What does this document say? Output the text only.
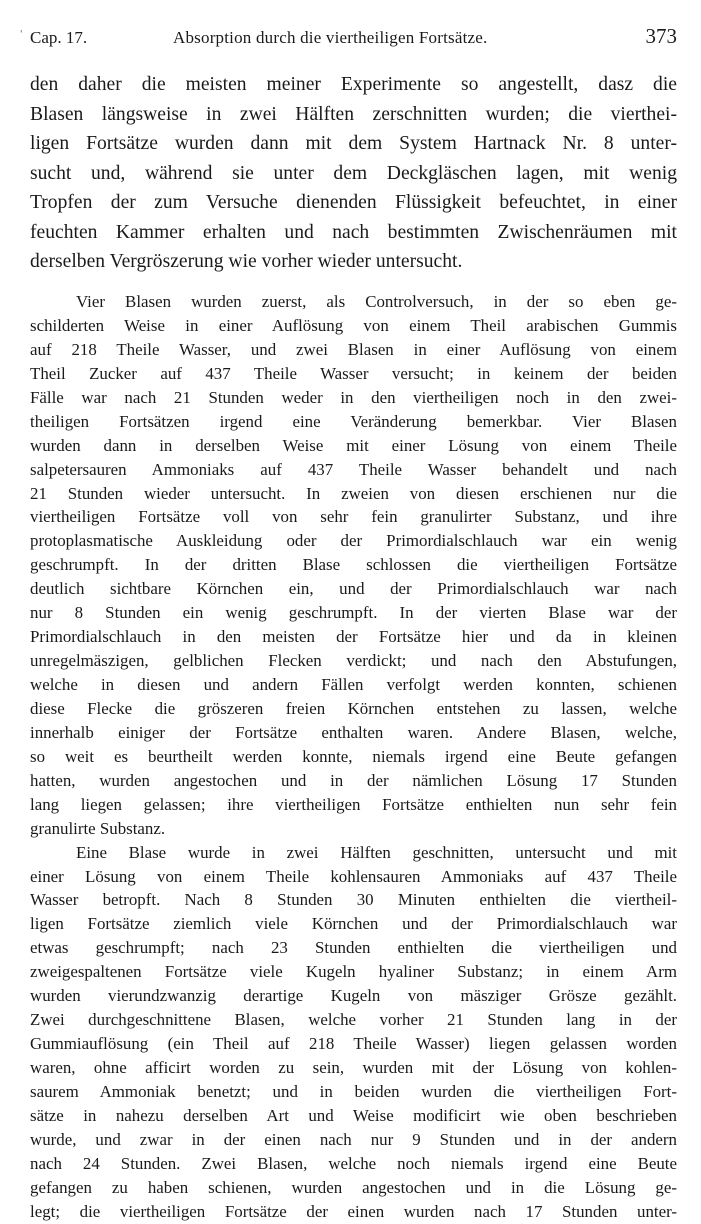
' Cap. 17.	Absorption durch die viertheiligen Fortsätze.	373
den daher die meisten meiner Experimente so angestellt, dasz die
Blasen längsweise in zwei Hälften zerschnitten wurden; die vierthei-
ligen Fortsätze wurden dann mit dem System Hartnack Nr. 8 unter-
sucht und, während sie unter dem Deckgläschen lagen, mit wenig
Tropfen der zum Versuche dienenden Flüssigkeit befeuchtet, in einer
feuchten Kammer erhalten und nach bestimmten Zwischenräumen mit
derselben Vergröszerung wie vorher wieder untersucht.
Vier Blasen wurden zuerst, als Controlversuch, in der so eben ge-
schilderten Weise in einer Auflösung von einem Theil arabischen Gummis
auf 218 Theile Wasser, und zwei Blasen in einer Auflösung von einem
Theil Zucker auf 437 Theile Wasser versucht; in keinem der beiden
Fälle war nach 21 Stunden weder in den viertheiligen noch in den zwei-
theiligen Fortsätzen irgend eine Veränderung bemerkbar. Vier Blasen
wurden dann in derselben Weise mit einer Lösung von einem Theile
salpetersauren Ammoniaks auf 437 Theile Wasser behandelt und nach
21 Stunden wieder untersucht. In zweien von diesen erschienen nur die
viertheiligen Fortsätze voll von sehr fein granulirter Substanz, und ihre
protoplasmatische Auskleidung oder der Primordialschlauch war ein wenig
geschrumpft. In der dritten Blase schlossen die viertheiligen Fortsätze
deutlich sichtbare Körnchen ein, und der Primordialschlauch war nach
nur 8 Stunden ein wenig geschrumpft. In der vierten Blase war der
Primordialschlauch in den meisten der Fortsätze hier und da in kleinen
unregelmäszigen, gelblichen Flecken verdickt; und nach den Abstufungen,
welche in diesen und andern Fällen verfolgt werden konnten, schienen
diese Flecke die gröszeren freien Körnchen entstehen zu lassen, welche
innerhalb einiger der Fortsätze enthalten waren. Andere Blasen, welche,
so weit es beurtheilt werden konnte, niemals irgend eine Beute gefangen
hatten, wurden angestochen und in der nämlichen Lösung 17 Stunden
lang liegen gelassen; ihre viertheiligen Fortsätze enthielten nun sehr fein
granulirte Substanz.
Eine Blase wurde in zwei Hälften geschnitten, untersucht und mit
einer Lösung von einem Theile kohlensauren Ammoniaks auf 437 Theile
Wasser betropft. Nach 8 Stunden 30 Minuten enthielten die viertheil-
ligen Fortsätze ziemlich viele Körnchen und der Primordialschlauch war
etwas geschrumpft; nach 23 Stunden enthielten die viertheiligen und
zweigespaltenen Fortsätze viele Kugeln hyaliner Substanz; in einem Arm
wurden vierundzwanzig derartige Kugeln von mäsziger Grösze gezählt.
Zwei durchgeschnittene Blasen, welche vorher 21 Stunden lang in der
Gummiauflösung (ein Theil auf 218 Theile Wasser) liegen gelassen worden
waren, ohne afficirt worden zu sein, wurden mit der Lösung von kohlen-
saurem Ammoniak benetzt; und in beiden wurden die viertheiligen Fort-
sätze in nahezu derselben Art und Weise modificirt wie oben beschrieben
wurde, und zwar in der einen nach nur 9 Stunden und in der andern
nach 24 Stunden. Zwei Blasen, welche noch niemals irgend eine Beute
gefangen zu haben schienen, wurden angestochen und in die Lösung ge-
legt; die viertheiligen Fortsätze der einen wurden nach 17 Stunden unter-
